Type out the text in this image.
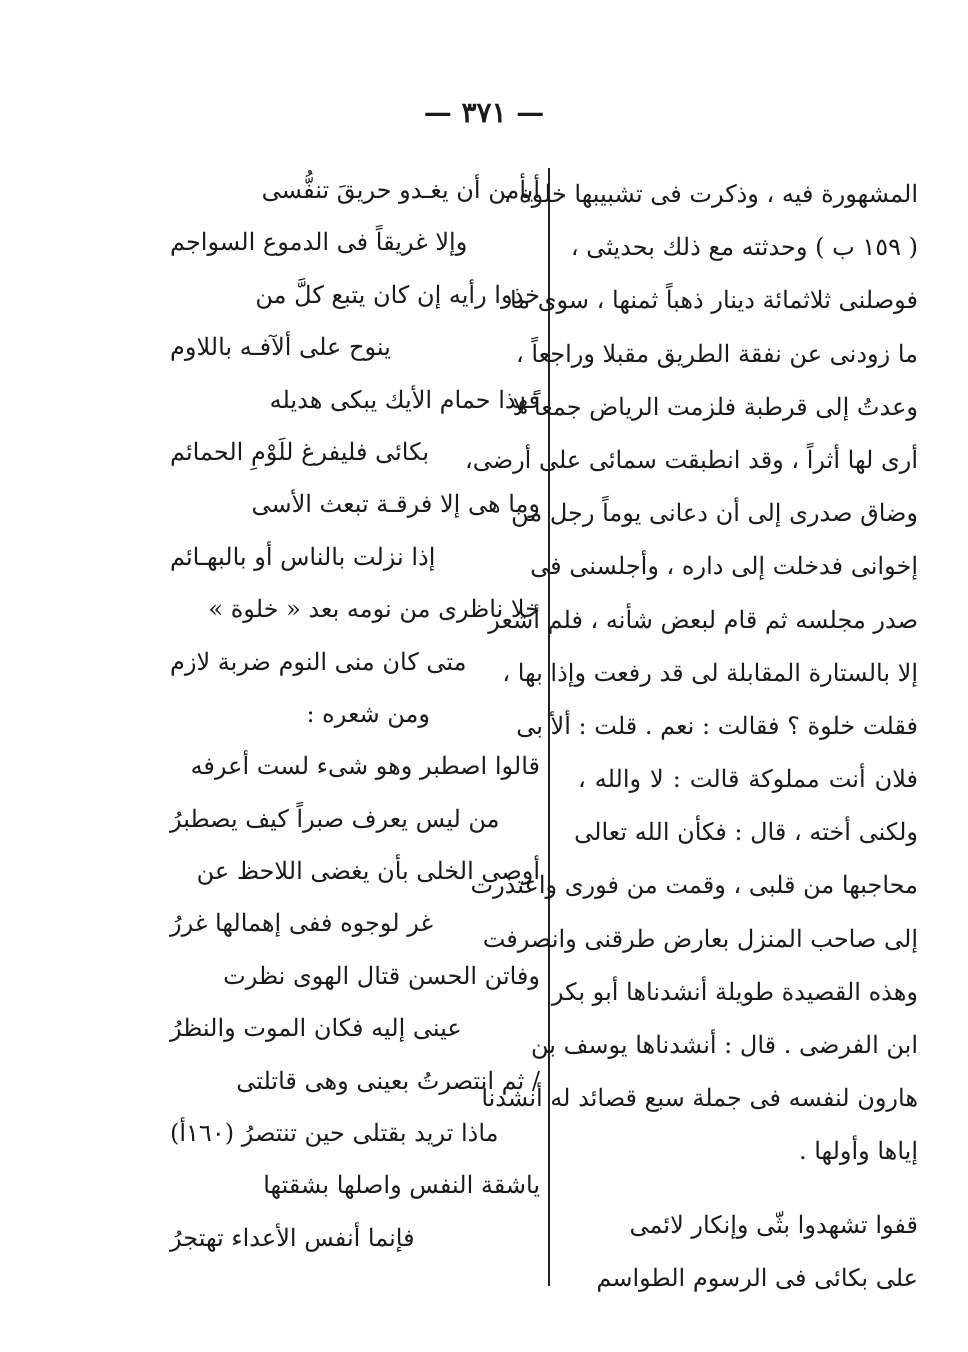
— ٣٧١ —
المشهورة فيه ، وذكرت فى تشبيبها خلوة ،
( ١٥٩ ب ) وحدثته مع ذلك بحديثى ،
فوصلنى ثلاثمائة دينار ذهباً ثمنها ، سوى ما
ما زودنى عن نفقة الطريق مقبلا وراجعاً ،
وعدتُ إلى قرطبة فلزمت الرياض جمعاً لا
أرى لها أثراً ، وقد انطبقت سمائى على أرضى،
وضاق صدرى إلى أن دعانى يوماً رجل من
إخوانى فدخلت إلى داره ، وأجلسنى فى
صدر مجلسه ثم قام لبعض شأنه ، فلم أشعر
إلا بالستارة المقابلة لى قد رفعت وإذا بها ،
فقلت خلوة ؟ فقالت : نعم . قلت : ألأ بى
فلان أنت مملوكة قالت : لا والله ،
ولكنى أخته ، قال : فكأن الله تعالى
محاجبها من قلبى ، وقمت من فورى واعتذرت
إلى صاحب المنزل بعارض طرقنى وانصرفت
وهذه القصيدة طويلة أنشدناها أبو بكر
ابن الفرضى . قال : أنشدناها يوسف بن
هارون لنفسه فى جملة سبع قصائد له أنشدنا
إياها وأولها .
قفوا تشهدوا بثّى وإنكار لائمى
على بكائى فى الرسوم الطواسم
أيأمن أن يغـدو حريقَ تنفُّسى
وإلا غريقاً فى الدموع السواجم
خذوا رأيه إن كان يتبع كلَّ من
ينوح على ألآفـه باللاوم
فهذا حمام الأيك يبكى هديله
بكائى فليفرغ للَوْمِ الحمائم
وما هى إلا فرقـة تبعث الأسى
إذا نزلت بالناس أو بالبهـائم
خلا ناظرى من نومه بعد « خلوة »
متى كان منى النوم ضربة لازم
ومن شعره :
قالوا اصطبر وهو شىء لست أعرفه
من ليس يعرف صبراً كيف يصطبرُ
أوصى الخلى بأن يغضى اللاحظ عن
غر لوجوه ففى إهمالها غررُ
وفاتن الحسن قتال الهوى نظرت
عينى إليه فكان الموت والنظرُ
/ ثم انتصرتُ بعينى وهى قاتلتى
ماذا تريد بقتلى حين تنتصرُ (١٦٠أ)
ياشقة النفس واصلها بشقتها
فإنما أنفس الأعداء تهتجرُ
